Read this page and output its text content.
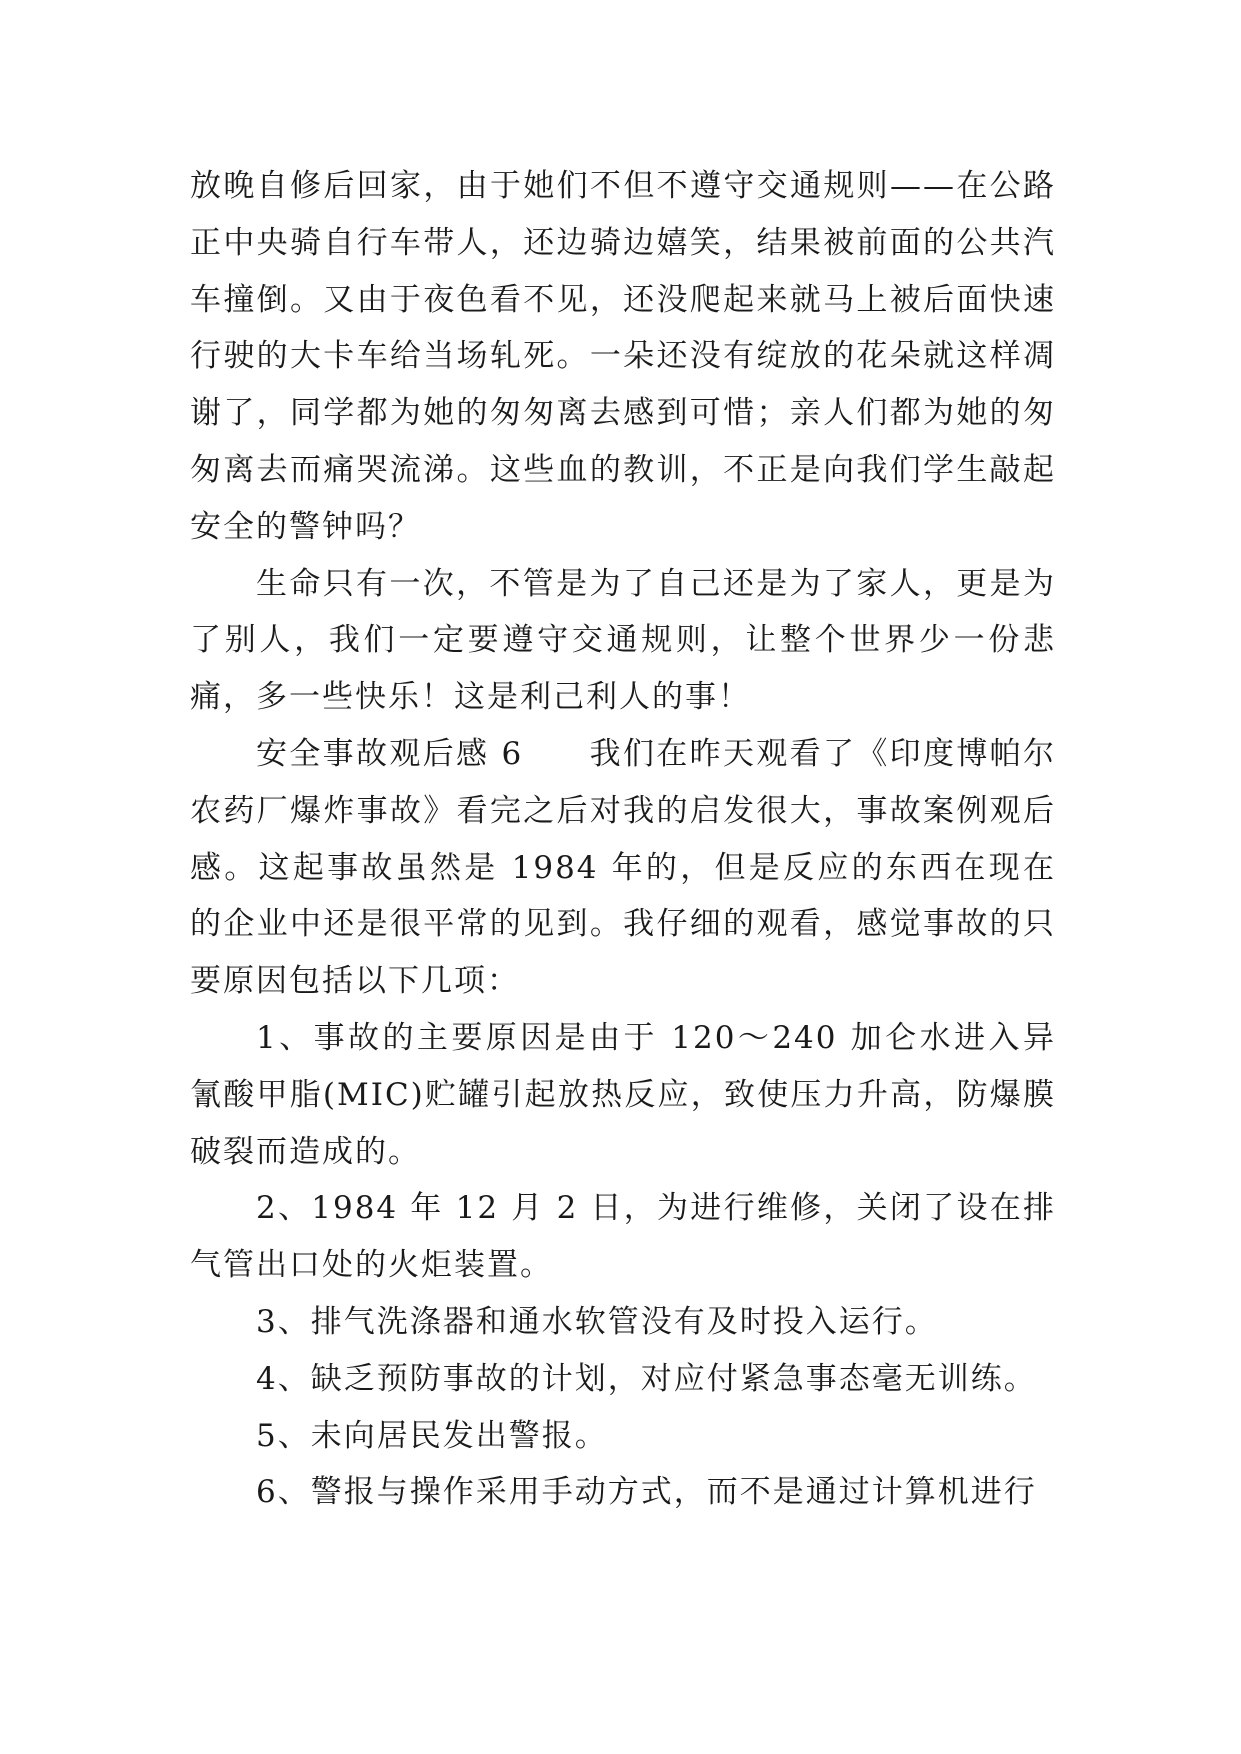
放晚自修后回家，由于她们不但不遵守交通规则——在公路正中央骑自行车带人，还边骑边嬉笑，结果被前面的公共汽车撞倒。又由于夜色看不见，还没爬起来就马上被后面快速行驶的大卡车给当场轧死。一朵还没有绽放的花朵就这样凋谢了，同学都为她的匆匆离去感到可惜；亲人们都为她的匆匆离去而痛哭流涕。这些血的教训，不正是向我们学生敲起安全的警钟吗？

生命只有一次，不管是为了自己还是为了家人，更是为了别人，我们一定要遵守交通规则，让整个世界少一份悲痛，多一些快乐！这是利己利人的事！

安全事故观后感 6 我们在昨天观看了《印度博帕尔农药厂爆炸事故》看完之后对我的启发很大，事故案例观后感。这起事故虽然是 1984 年的，但是反应的东西在现在的企业中还是很平常的见到。我仔细的观看，感觉事故的只要原因包括以下几项：

1、事故的主要原因是由于 120～240 加仑水进入异氰酸甲脂(MIC)贮罐引起放热反应，致使压力升高，防爆膜破裂而造成的。

2、1984 年 12 月 2 日，为进行维修，关闭了设在排气管出口处的火炬装置。

3、排气洗涤器和通水软管没有及时投入运行。

4、缺乏预防事故的计划，对应付紧急事态毫无训练。

5、未向居民发出警报。

6、警报与操作采用手动方式，而不是通过计算机进行
